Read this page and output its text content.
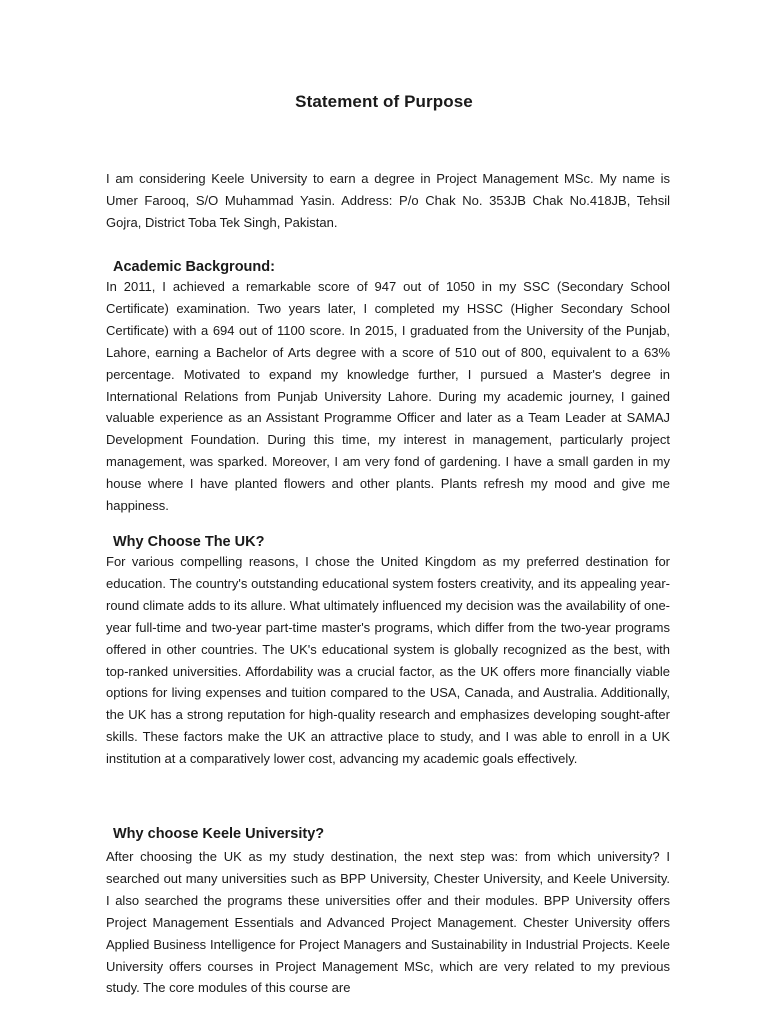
Statement of Purpose

I am considering Keele University to earn a degree in Project Management MSc. My name is Umer Farooq, S/O Muhammad Yasin. Address: P/o Chak No. 353JB Chak No.418JB, Tehsil Gojra, District Toba Tek Singh, Pakistan.

Academic Background:

In 2011, I achieved a remarkable score of 947 out of 1050 in my SSC (Secondary School Certificate) examination. Two years later, I completed my HSSC (Higher Secondary School Certificate) with a 694 out of 1100 score. In 2015, I graduated from the University of the Punjab, Lahore, earning a Bachelor of Arts degree with a score of 510 out of 800, equivalent to a 63% percentage. Motivated to expand my knowledge further, I pursued a Master's degree in International Relations from Punjab University Lahore. During my academic journey, I gained valuable experience as an Assistant Programme Officer and later as a Team Leader at SAMAJ Development Foundation. During this time, my interest in management, particularly project management, was sparked. Moreover, I am very fond of gardening. I have a small garden in my house where I have planted flowers and other plants. Plants refresh my mood and give me happiness.

Why Choose The UK?

For various compelling reasons, I chose the United Kingdom as my preferred destination for education. The country's outstanding educational system fosters creativity, and its appealing year-round climate adds to its allure. What ultimately influenced my decision was the availability of one-year full-time and two-year part-time master's programs, which differ from the two-year programs offered in other countries. The UK's educational system is globally recognized as the best, with top-ranked universities. Affordability was a crucial factor, as the UK offers more financially viable options for living expenses and tuition compared to the USA, Canada, and Australia. Additionally, the UK has a strong reputation for high-quality research and emphasizes developing sought-after skills. These factors make the UK an attractive place to study, and I was able to enroll in a UK institution at a comparatively lower cost, advancing my academic goals effectively.

Why choose Keele University?

After choosing the UK as my study destination, the next step was: from which university? I searched out many universities such as BPP University, Chester University, and Keele University. I also searched the programs these universities offer and their modules. BPP University offers Project Management Essentials and Advanced Project Management. Chester University offers Applied Business Intelligence for Project Managers and Sustainability in Industrial Projects. Keele University offers courses in Project Management MSc, which are very related to my previous study. The core modules of this course are
